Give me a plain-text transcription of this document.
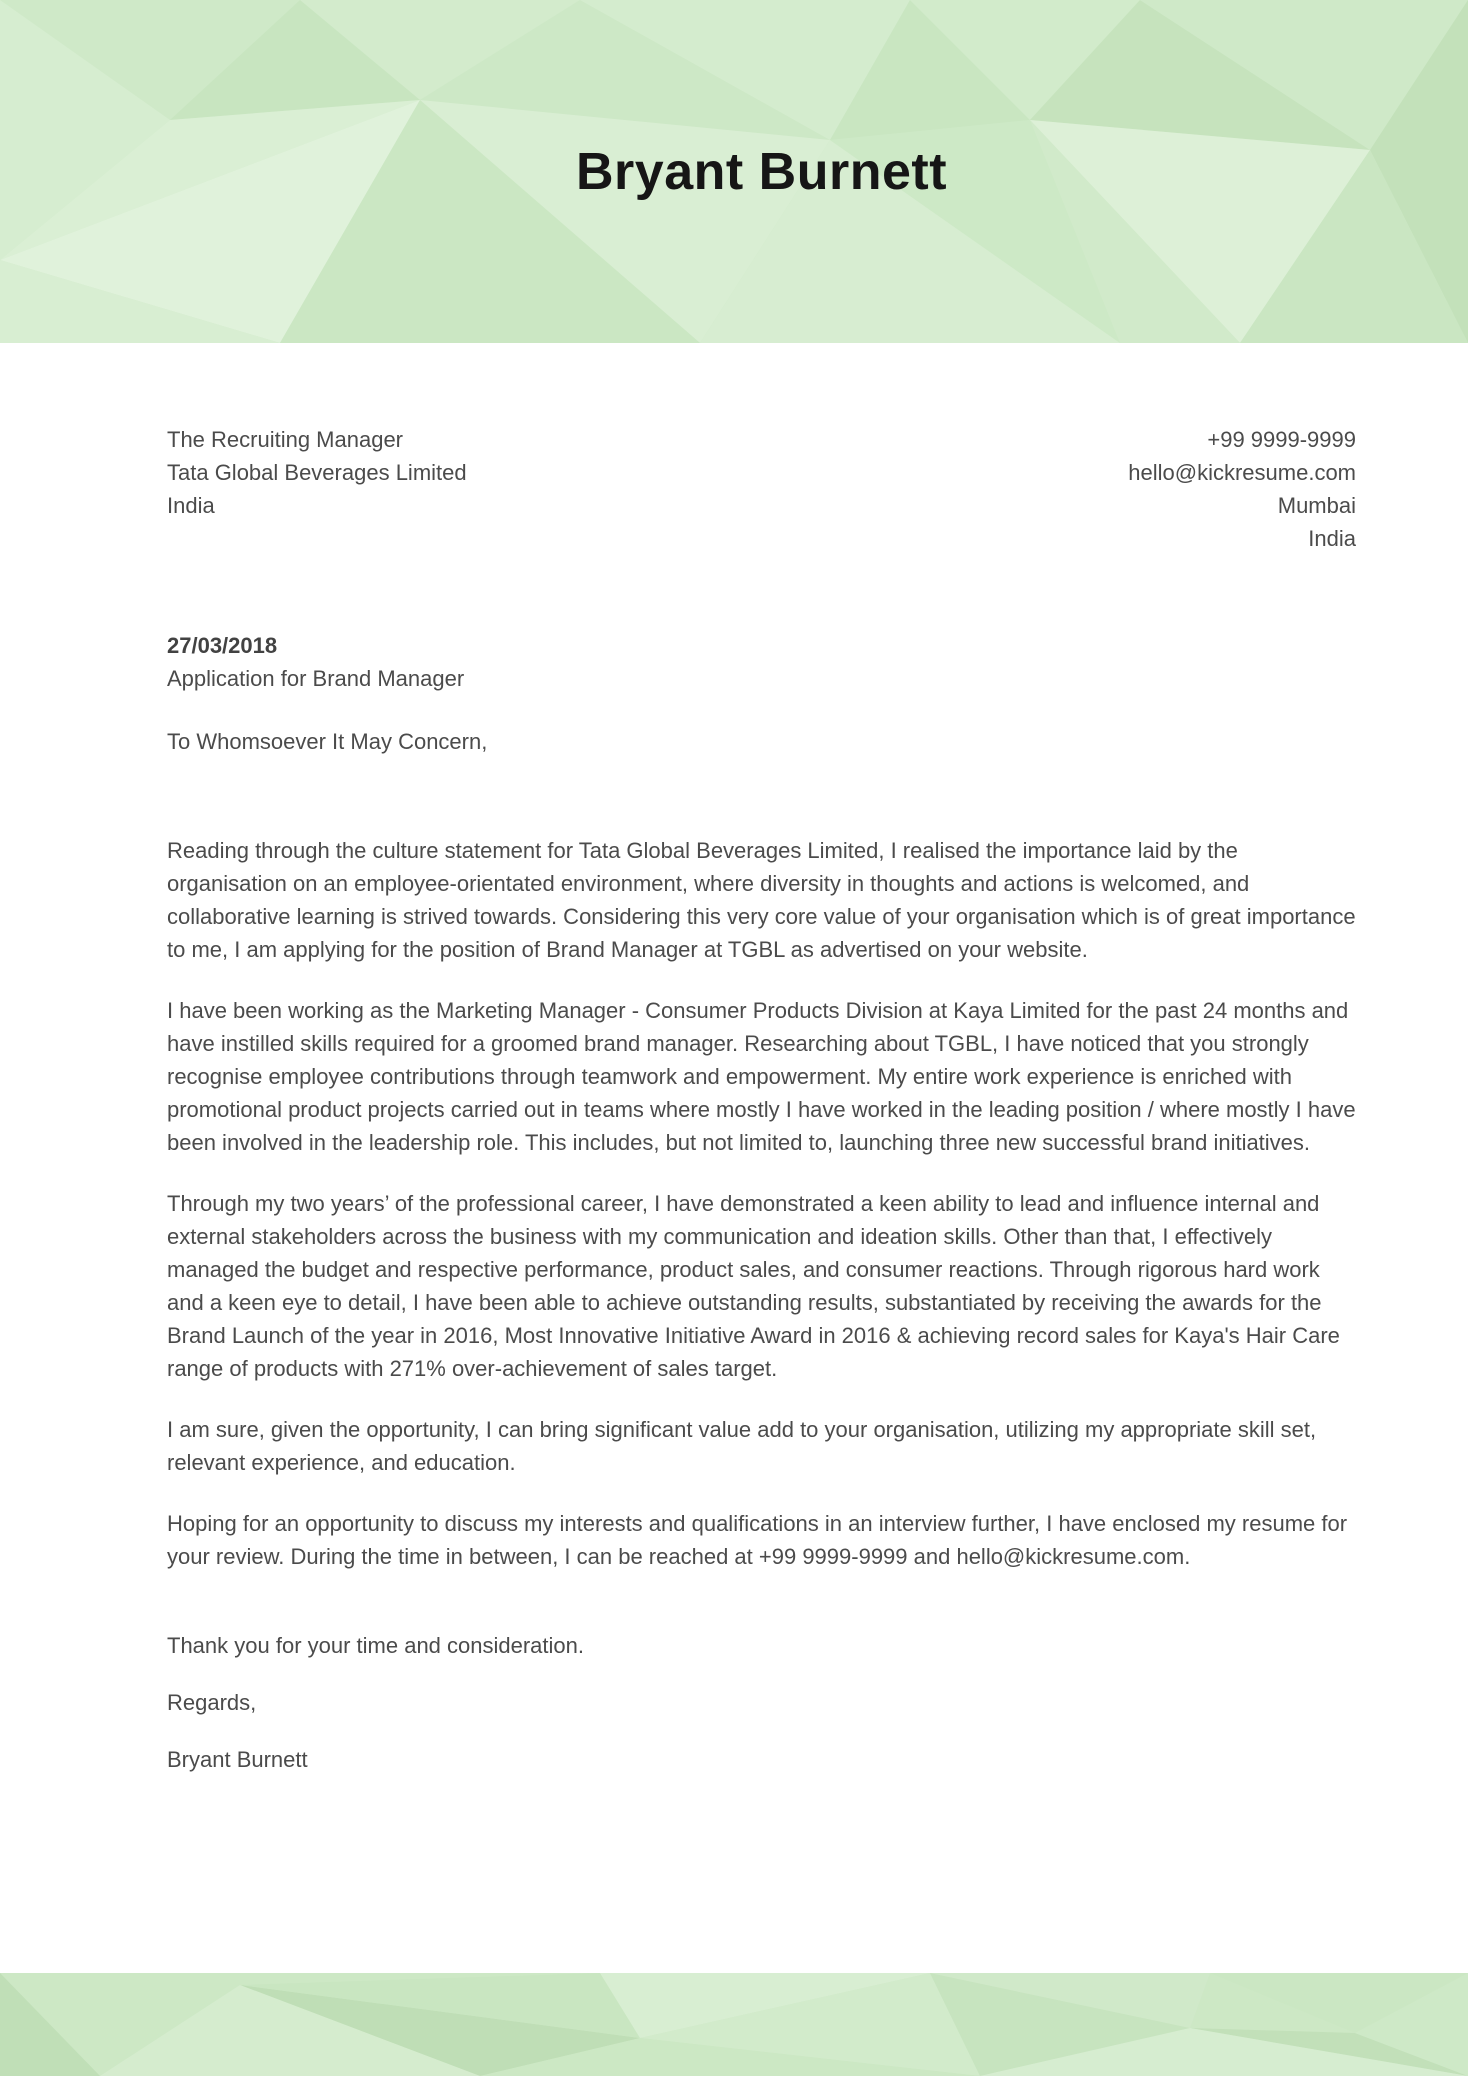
Bryant Burnett
The Recruiting Manager
Tata Global Beverages Limited
India
+99 9999-9999
hello@kickresume.com
Mumbai
India
27/03/2018
Application for Brand Manager

To Whomsoever It May Concern,

Reading through the culture statement for Tata Global Beverages Limited, I realised the importance laid by the organisation on an employee-orientated environment, where diversity in thoughts and actions is welcomed, and collaborative learning is strived towards. Considering this very core value of your organisation which is of great importance to me, I am applying for the position of Brand Manager at TGBL as advertised on your website.

I have been working as the Marketing Manager - Consumer Products Division at Kaya Limited for the past 24 months and have instilled skills required for a groomed brand manager. Researching about TGBL, I have noticed that you strongly recognise employee contributions through teamwork and empowerment. My entire work experience is enriched with promotional product projects carried out in teams where mostly I have worked in the leading position / where mostly I have been involved in the leadership role. This includes, but not limited to, launching three new successful brand initiatives.

Through my two years’ of the professional career, I have demonstrated a keen ability to lead and influence internal and external stakeholders across the business with my communication and ideation skills. Other than that, I effectively managed the budget and respective performance, product sales, and consumer reactions. Through rigorous hard work and a keen eye to detail, I have been able to achieve outstanding results, substantiated by receiving the awards for the Brand Launch of the year in 2016, Most Innovative Initiative Award in 2016 & achieving record sales for Kaya's Hair Care range of products with 271% over-achievement of sales target.

I am sure, given the opportunity, I can bring significant value add to your organisation, utilizing my appropriate skill set, relevant experience, and education.

Hoping for an opportunity to discuss my interests and qualifications in an interview further, I have enclosed my resume for your review. During the time in between, I can be reached at +99 9999-9999 and hello@kickresume.com.

Thank you for your time and consideration.

Regards,

Bryant Burnett
